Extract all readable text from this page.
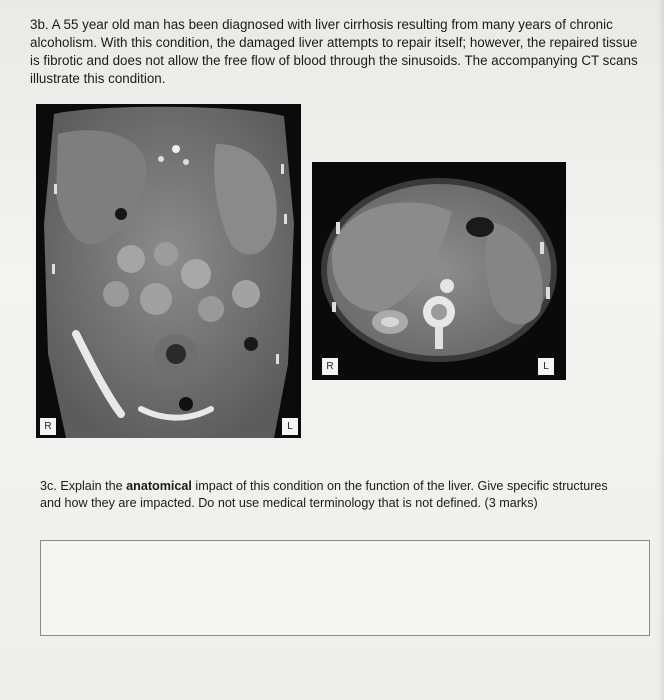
3b. A 55 year old man has been diagnosed with liver cirrhosis resulting from many years of chronic alcoholism. With this condition, the damaged liver attempts to repair itself; however, the repaired tissue is fibrotic and does not allow the free flow of blood through the sinusoids. The accompanying CT scans illustrate this condition.
R	L
R	L
3c. Explain the anatomical impact of this condition on the function of the liver. Give specific structures and how they are impacted. Do not use medical terminology that is not defined. (3 marks)
